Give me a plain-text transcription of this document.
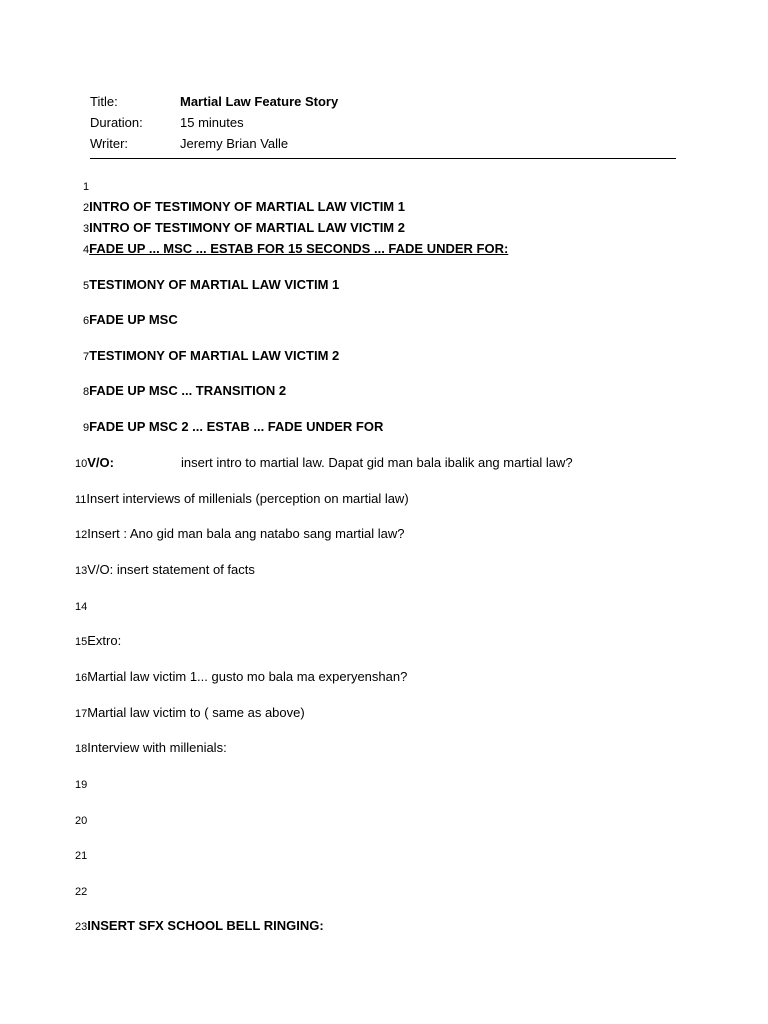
Title:	Martial Law Feature Story
Duration:	15 minutes
Writer:	Jeremy Brian Valle
1
2INTRO OF TESTIMONY OF MARTIAL LAW VICTIM 1
3INTRO OF TESTIMONY OF MARTIAL LAW VICTIM 2
4FADE UP ... MSC ... ESTAB FOR 15 SECONDS ... FADE UNDER FOR:
5TESTIMONY OF MARTIAL LAW VICTIM 1
6FADE UP MSC
7TESTIMONY OF MARTIAL LAW VICTIM 2
8FADE UP MSC ... TRANSITION 2
9FADE UP MSC 2 ... ESTAB ... FADE UNDER FOR
10V/O:	insert intro to martial law. Dapat gid man bala ibalik ang martial law?
11Insert interviews of millenials (perception on martial law)
12Insert : Ano gid man bala ang natabo sang martial law?
13V/O: insert statement of facts
14
15Extro:
16Martial law victim 1... gusto mo bala ma experyenshan?
17Martial law victim to ( same as above)
18Interview with millenials:
19
20
21
22
23INSERT SFX SCHOOL BELL RINGING:
